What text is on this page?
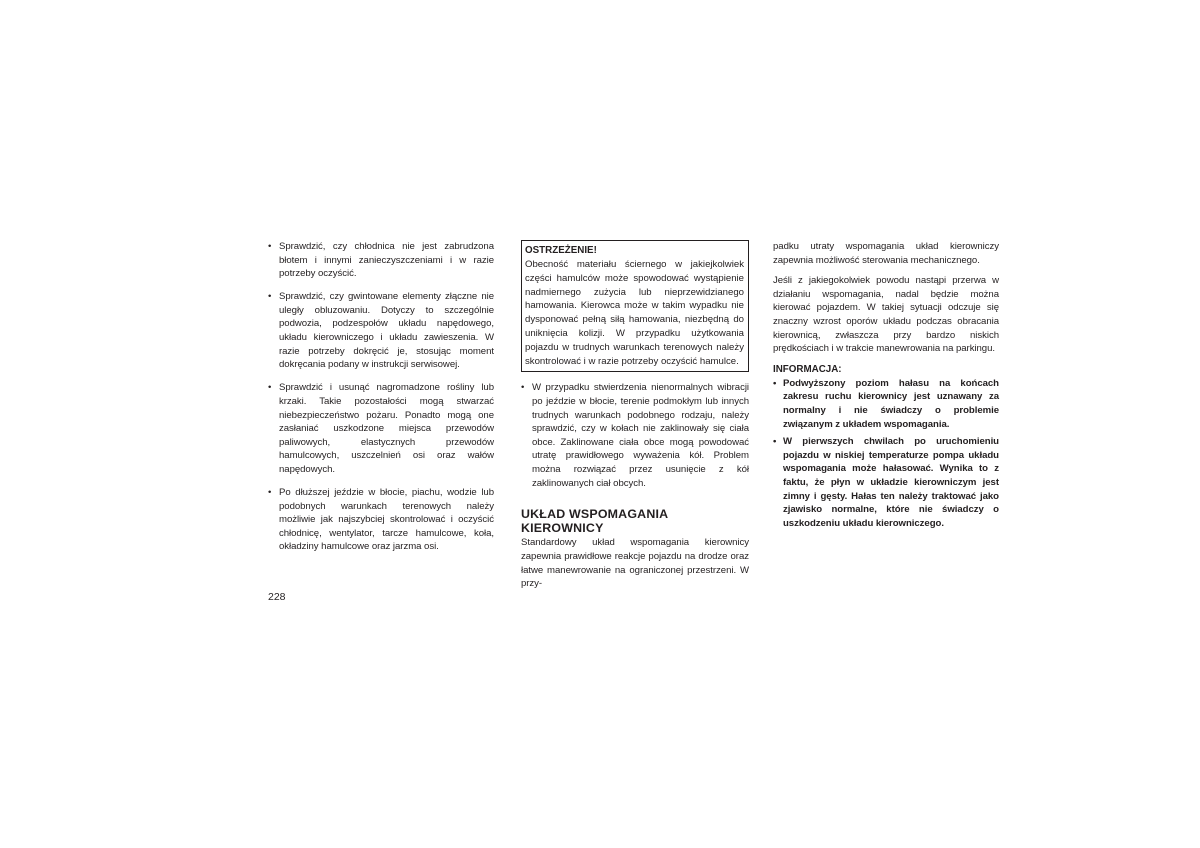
• Sprawdzić, czy chłodnica nie jest zabrudzona błotem i innymi zanieczyszczeniami i w razie potrzeby oczyścić.
• Sprawdzić, czy gwintowane elementy złączne nie uległy obluzowaniu. Dotyczy to szczególnie podwozia, podzespołów układu napędowego, układu kierowniczego i układu zawieszenia. W razie potrzeby dokręcić je, stosując moment dokręcania podany w instrukcji serwisowej.
• Sprawdzić i usunąć nagromadzone rośliny lub krzaki. Takie pozostałości mogą stwarzać niebezpieczeństwo pożaru. Ponadto mogą one zasłaniać uszkodzone miejsca przewodów paliwowych, elastycznych przewodów hamulcowych, uszczelnień osi oraz wałów napędowych.
• Po dłuższej jeździe w błocie, piachu, wodzie lub podobnych warunkach terenowych należy możliwie jak najszybciej skontrolować i oczyścić chłodnicę, wentylator, tarcze hamulcowe, koła, okładziny hamulcowe oraz jarzma osi.
OSTRZEŻENIE!
Obecność materiału ściernego w jakiejkolwiek części hamulców może spowodować wystąpienie nadmiernego zużycia lub nieprzewidzianego hamowania. Kierowca może w takim wypadku nie dysponować pełną siłą hamowania, niezbędną do uniknięcia kolizji. W przypadku użytkowania pojazdu w trudnych warunkach terenowych należy skontrolować i w razie potrzeby oczyścić hamulce.
• W przypadku stwierdzenia nienormalnych wibracji po jeździe w błocie, terenie podmokłym lub innych trudnych warunkach podobnego rodzaju, należy sprawdzić, czy w kołach nie zaklinowały się ciała obce. Zaklinowane ciała obce mogą powodować utratę prawidłowego wyważenia kół. Problem można rozwiązać przez usunięcie z kół zaklinowanych ciał obcych.
UKŁAD WSPOMAGANIA KIEROWNICY
Standardowy układ wspomagania kierownicy zapewnia prawidłowe reakcje pojazdu na drodze oraz łatwe manewrowanie na ograniczonej przestrzeni. W przy-
padku utraty wspomagania układ kierowniczy zapewnia możliwość sterowania mechanicznego.
Jeśli z jakiegokolwiek powodu nastąpi przerwa w działaniu wspomagania, nadal będzie można kierować pojazdem. W takiej sytuacji odczuje się znaczny wzrost oporów układu podczas obracania kierownicą, zwłaszcza przy bardzo niskich prędkościach i w trakcie manewrowania na parkingu.
INFORMACJA:
• Podwyższony poziom hałasu na końcach zakresu ruchu kierownicy jest uznawany za normalny i nie świadczy o problemie związanym z układem wspomagania.
• W pierwszych chwilach po uruchomieniu pojazdu w niskiej temperaturze pompa układu wspomagania może hałasować. Wynika to z faktu, że płyn w układzie kierowniczym jest zimny i gęsty. Hałas ten należy traktować jako zjawisko normalne, które nie świadczy o uszkodzeniu układu kierowniczego.
228
